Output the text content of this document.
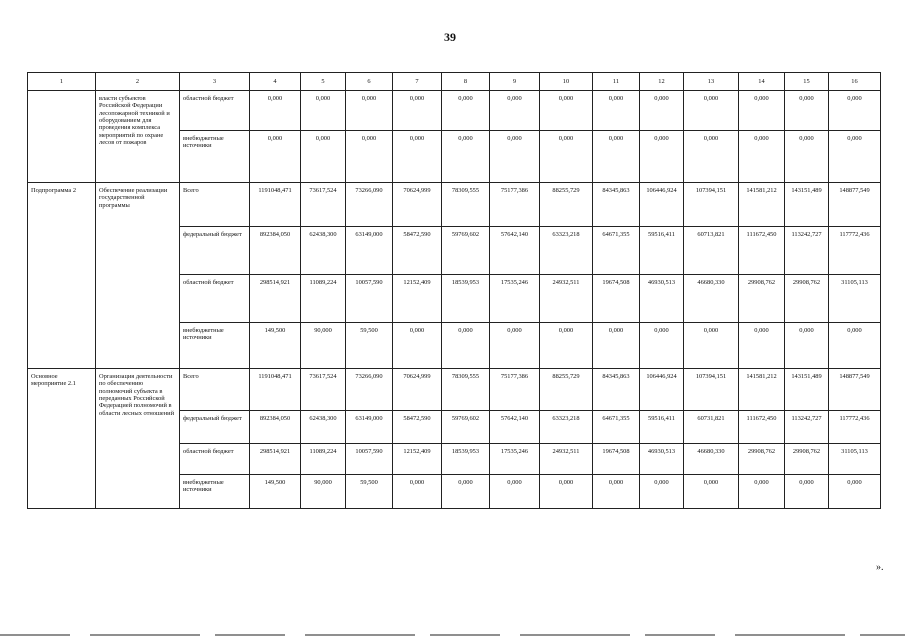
39
1	2	3	4	5	6	7	8	9	10	11	12	13	14	15	16
	власти субъектов Российской Федерации лесопожарной техникой и оборудованием для проведения комплекса мероприятий по охране лесов от пожаров	областной бюджет	0,000	0,000	0,000	0,000	0,000	0,000	0,000	0,000	0,000	0,000	0,000	0,000	0,000
		внебюджетные источники	0,000	0,000	0,000	0,000	0,000	0,000	0,000	0,000	0,000	0,000	0,000	0,000	0,000
Подпрограмма 2	Обеспечение реализации государственной программы	Всего	1191048,471	73617,524	73266,090	70624,999	78309,555	75177,386	88255,729	84345,863	106446,924	107394,151	141581,212	143151,489	148877,549
		федеральный бюджет	892384,050	62438,300	63149,000	58472,590	59769,602	57642,140	63323,218	64671,355	59516,411	60713,821	111672,450	113242,727	117772,436
		областной бюджет	298514,921	11089,224	10057,590	12152,409	18539,953	17535,246	24932,511	19674,508	46930,513	46680,330	29908,762	29908,762	31105,113
		внебюджетные источники	149,500	90,000	59,500	0,000	0,000	0,000	0,000	0,000	0,000	0,000	0,000	0,000	0,000
Основное мероприятие 2.1	Организация деятельности по обеспечению полномочий субъекта в переданных Российской Федерацией полномочий в области лесных отношений	Всего	1191048,471	73617,524	73266,090	70624,999	78309,555	75177,386	88255,729	84345,863	106446,924	107394,151	141581,212	143151,489	148877,549
		федеральный бюджет	892384,050	62438,300	63149,000	58472,590	59769,602	57642,140	63323,218	64671,355	59516,411	60731,821	111672,450	113242,727	117772,436
		областной бюджет	298514,921	11089,224	10057,590	12152,409	18539,953	17535,246	24932,511	19674,508	46930,513	46680,330	29908,762	29908,762	31105,113
		внебюджетные источники	149,500	90,000	59,500	0,000	0,000	0,000	0,000	0,000	0,000	0,000	0,000	0,000	0,000
».
